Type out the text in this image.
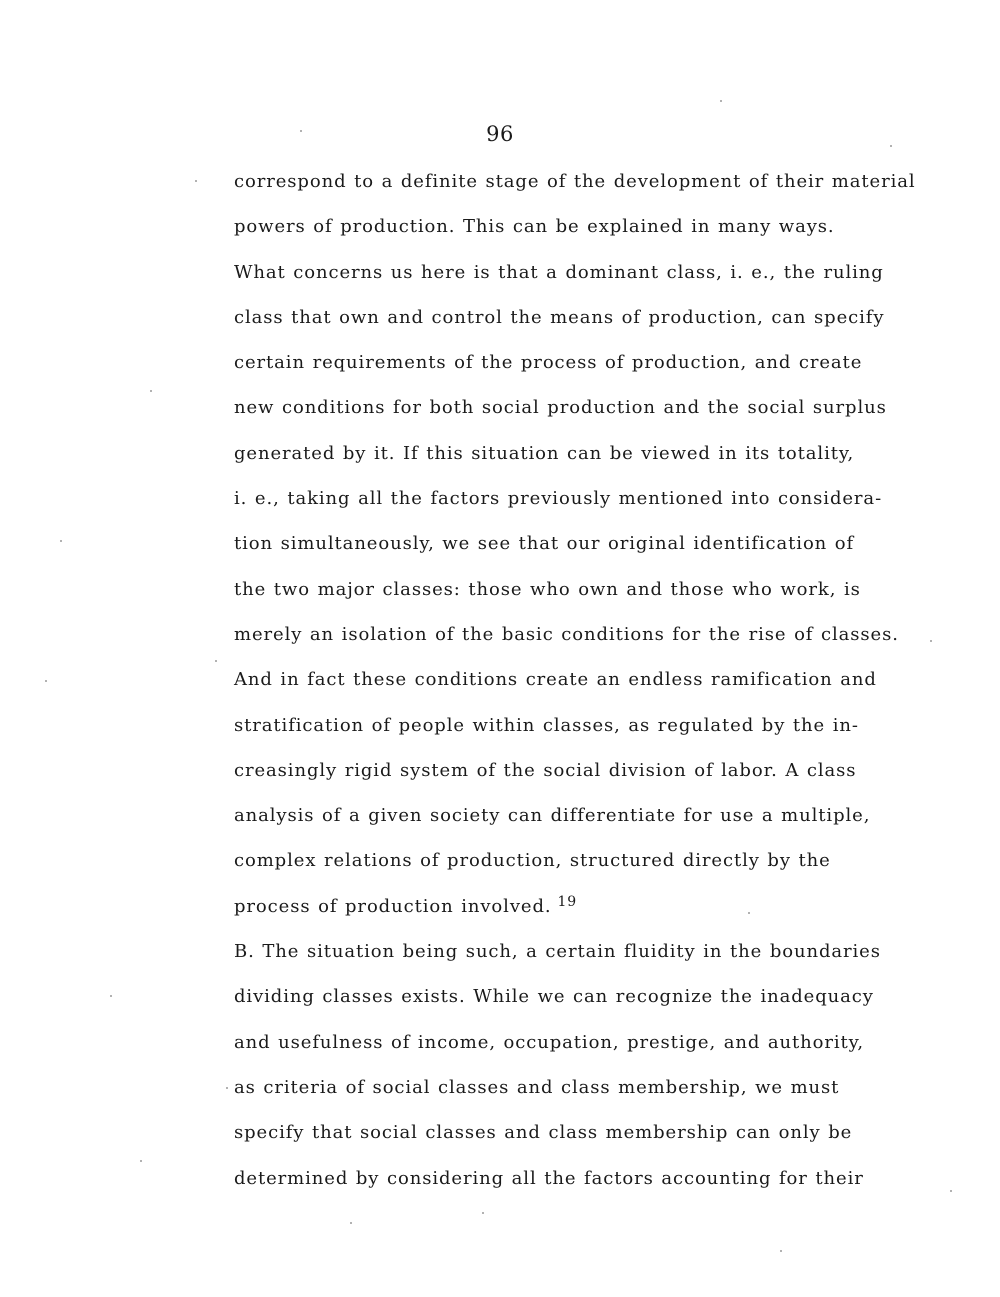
96
correspond to a definite stage of the development of their material
powers of production. This can be explained in many ways.
What concerns us here is that a dominant class, i. e., the ruling
class that own and control the means of production, can specify
certain requirements of the process of production, and create
new conditions for both social production and the social surplus
generated by it. If this situation can be viewed in its totality,
i. e., taking all the factors previously mentioned into considera-
tion simultaneously, we see that our original identification of
the two major classes: those who own and those who work, is
merely an isolation of the basic conditions for the rise of classes.
And in fact these conditions create an endless ramification and
stratification of people within classes, as regulated by the in-
creasingly rigid system of the social division of labor. A class
analysis of a given society can differentiate for use a multiple,
complex relations of production, structured directly by the
process of production involved. $^{19}$
B. The situation being such, a certain fluidity in the boundaries
dividing classes exists. While we can recognize the inadequacy
and usefulness of income, occupation, prestige, and authority,
as criteria of social classes and class membership, we must
specify that social classes and class membership can only be
determined by considering all the factors accounting for their
